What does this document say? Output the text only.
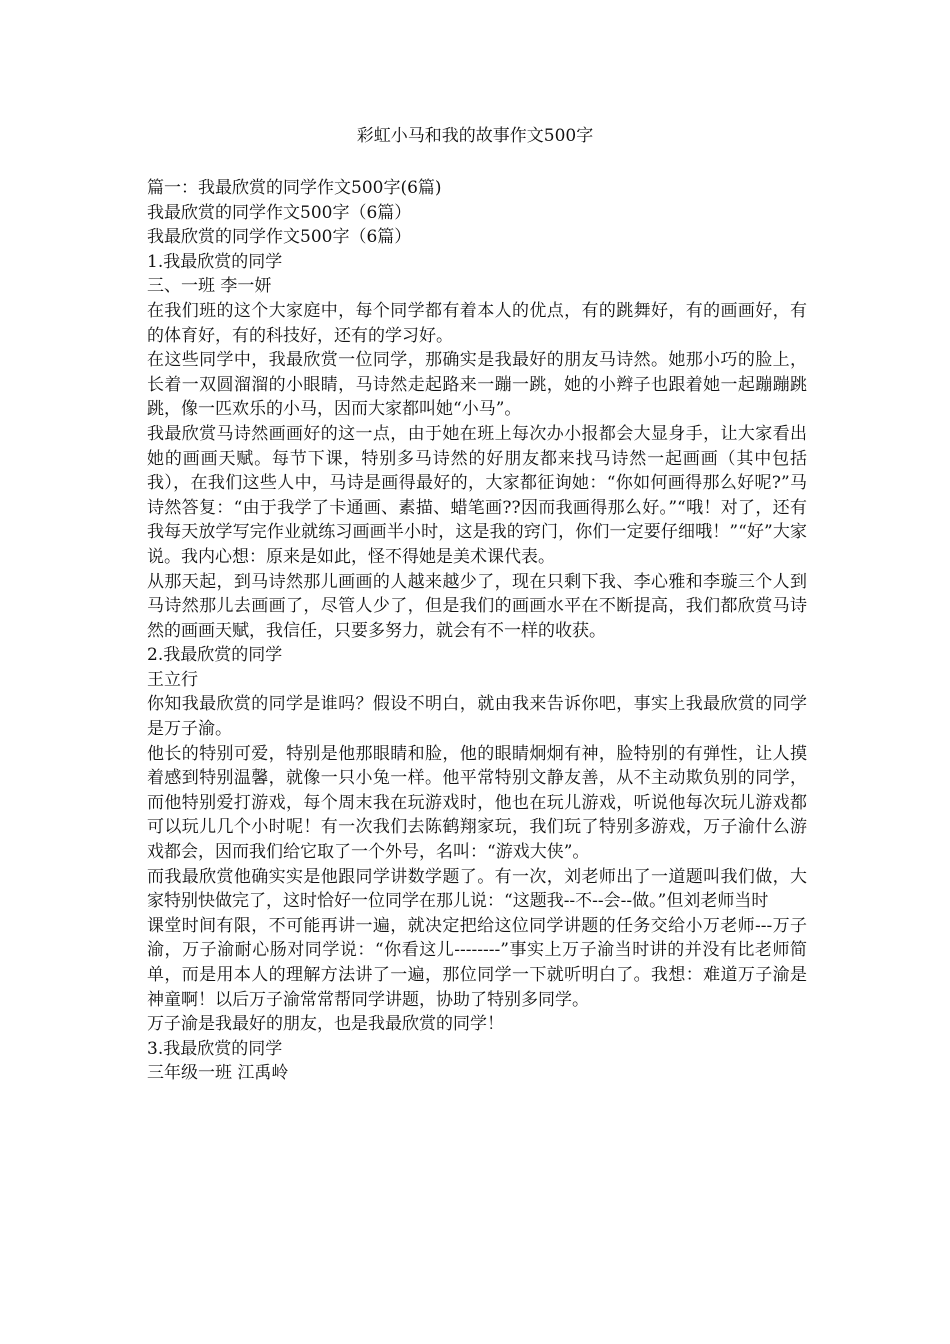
彩虹小马和我的故事作文500字

篇一：我最欣赏的同学作文500字(6篇)

我最欣赏的同学作文500字（6篇）

我最欣赏的同学作文500字（6篇）

1.我最欣赏的同学

三、一班 李一妍

在我们班的这个大家庭中，每个同学都有着本人的优点，有的跳舞好，有的画画好，有的体育好，有的科技好，还有的学习好。

在这些同学中，我最欣赏一位同学，那确实是我最好的朋友马诗然。她那小巧的脸上，长着一双圆溜溜的小眼睛，马诗然走起路来一蹦一跳，她的小辫子也跟着她一起蹦蹦跳跳，像一匹欢乐的小马，因而大家都叫她“小马”。

我最欣赏马诗然画画好的这一点，由于她在班上每次办小报都会大显身手，让大家看出她的画画天赋。每节下课，特别多马诗然的好朋友都来找马诗然一起画画（其中包括我），在我们这些人中，马诗是画得最好的，大家都征询她：“你如何画得那么好呢?”马诗然答复：“由于我学了卡通画、素描、蜡笔画??因而我画得那么好。”“哦！对了，还有我每天放学写完作业就练习画画半小时，这是我的窍门，你们一定要仔细哦！”“好”大家说。我内心想：原来是如此，怪不得她是美术课代表。

从那天起，到马诗然那儿画画的人越来越少了，现在只剩下我、李心雅和李璇三个人到马诗然那儿去画画了，尽管人少了，但是我们的画画水平在不断提高，我们都欣赏马诗然的画画天赋，我信任，只要多努力，就会有不一样的收获。

2.我最欣赏的同学

王立行

你知我最欣赏的同学是谁吗？假设不明白，就由我来告诉你吧，事实上我最欣赏的同学是万子渝。

他长的特别可爱，特别是他那眼睛和脸，他的眼睛炯炯有神，脸特别的有弹性，让人摸着感到特别温馨，就像一只小兔一样。他平常特别文静友善，从不主动欺负别的同学，而他特别爱打游戏，每个周末我在玩游戏时，他也在玩儿游戏，听说他每次玩儿游戏都可以玩儿几个小时呢！有一次我们去陈鹤翔家玩，我们玩了特别多游戏，万子渝什么游戏都会，因而我们给它取了一个外号，名叫：“游戏大侠”。

而我最欣赏他确实实是他跟同学讲数学题了。有一次，刘老师出了一道题叫我们做，大家特别快做完了，这时恰好一位同学在那儿说：“这题我--不--会--做。”但刘老师当时

课堂时间有限，不可能再讲一遍，就决定把给这位同学讲题的任务交给小万老师---万子渝，万子渝耐心肠对同学说：“你看这儿--------”事实上万子渝当时讲的并没有比老师简单，而是用本人的理解方法讲了一遍，那位同学一下就听明白了。我想：难道万子渝是神童啊！以后万子渝常常帮同学讲题，协助了特别多同学。

万子渝是我最好的朋友，也是我最欣赏的同学！

3.我最欣赏的同学

三年级一班 江禹岭
